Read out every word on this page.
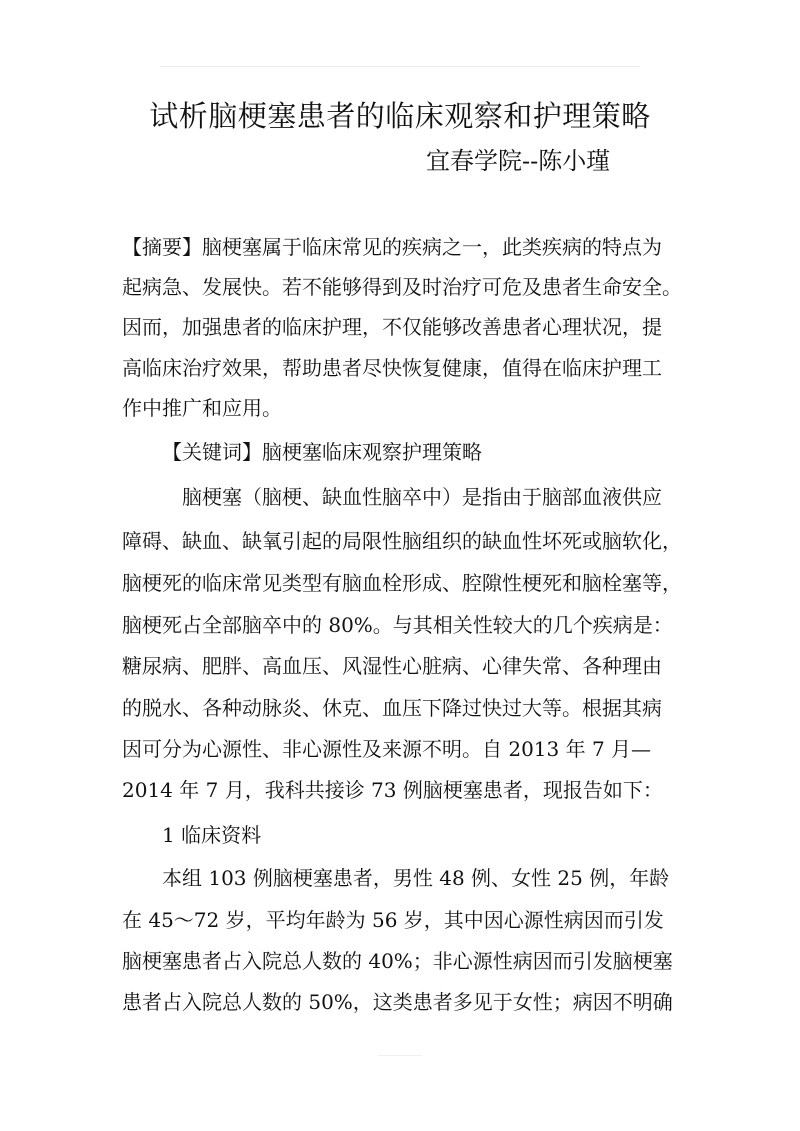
试析脑梗塞患者的临床观察和护理策略
宜春学院--陈小瑾
【摘要】脑梗塞属于临床常见的疾病之一，此类疾病的特点为
起病急、发展快。若不能够得到及时治疗可危及患者生命安全。
因而，加强患者的临床护理，不仅能够改善患者心理状况，提
高临床治疗效果，帮助患者尽快恢复健康，值得在临床护理工
作中推广和应用。
【关键词】脑梗塞临床观察护理策略
脑梗塞（脑梗、缺血性脑卒中）是指由于脑部血液供应
障碍、缺血、缺氧引起的局限性脑组织的缺血性坏死或脑软化，
脑梗死的临床常见类型有脑血栓形成、腔隙性梗死和脑栓塞等，
脑梗死占全部脑卒中的 80%。与其相关性较大的几个疾病是：
糖尿病、肥胖、高血压、风湿性心脏病、心律失常、各种理由
的脱水、各种动脉炎、休克、血压下降过快过大等。根据其病
因可分为心源性、非心源性及来源不明。自 2013 年 7 月—
2014 年 7 月，我科共接诊 73 例脑梗塞患者，现报告如下：
1 临床资料
本组 103 例脑梗塞患者，男性 48 例、女性 25 例，年龄
在 45～72 岁，平均年龄为 56 岁，其中因心源性病因而引发
脑梗塞患者占入院总人数的 40%；非心源性病因而引发脑梗塞
患者占入院总人数的 50%，这类患者多见于女性；病因不明确
